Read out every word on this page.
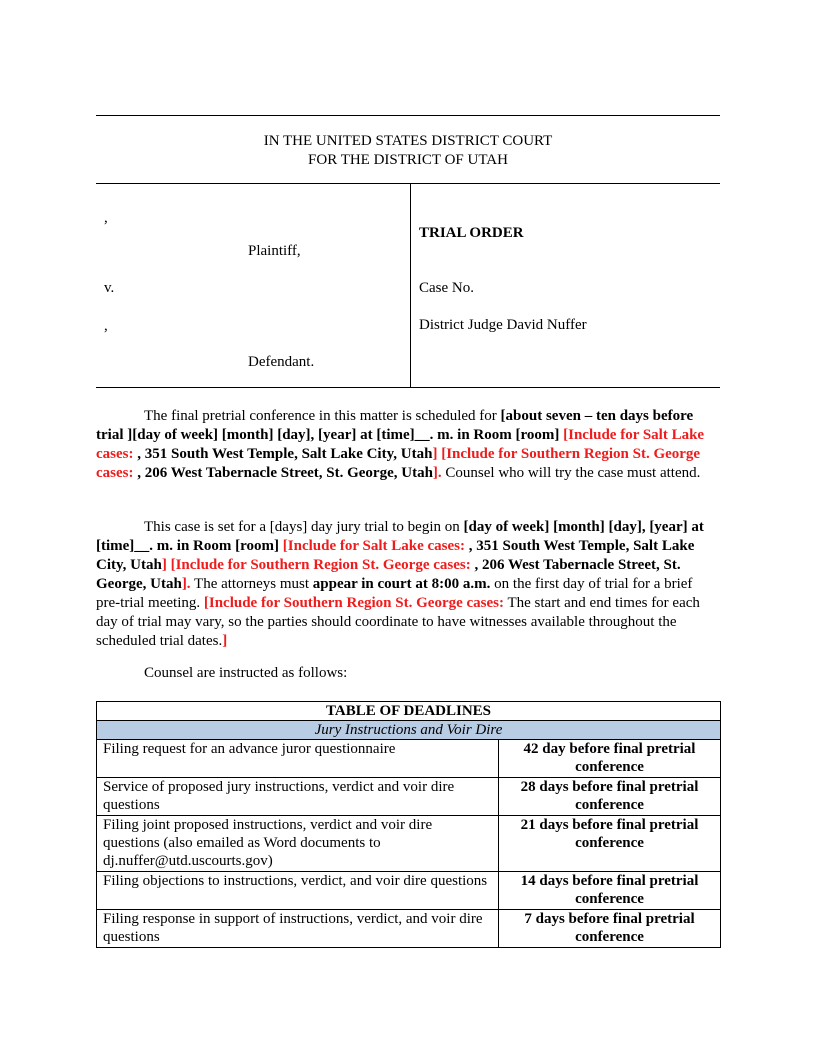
IN THE UNITED STATES DISTRICT COURT
FOR THE DISTRICT OF UTAH
,
Plaintiff,
v.
,
Defendant.
TRIAL ORDER
Case No.
District Judge David Nuffer

The final pretrial conference in this matter is scheduled for [about seven – ten days before trial ][day of week] [month] [day], [year] at [time]__. m. in Room [room] [Include for Salt Lake cases: , 351 South West Temple, Salt Lake City, Utah] [Include for Southern Region St. George cases: , 206 West Tabernacle Street, St. George, Utah]. Counsel who will try the case must attend.

This case is set for a [days] day jury trial to begin on [day of week] [month] [day], [year] at [time]__. m. in Room [room] [Include for Salt Lake cases: , 351 South West Temple, Salt Lake City, Utah] [Include for Southern Region St. George cases: , 206 West Tabernacle Street, St. George, Utah]. The attorneys must appear in court at 8:00 a.m. on the first day of trial for a brief pre-trial meeting. [Include for Southern Region St. George cases: The start and end times for each day of trial may vary, so the parties should coordinate to have witnesses available throughout the scheduled trial dates.]

Counsel are instructed as follows:

TABLE OF DEADLINES	
Jury Instructions and Voir Dire	
Filing request for an advance juror questionnaire	42 day before final pretrial conference
Service of proposed jury instructions, verdict and voir dire questions	28 days before final pretrial conference
Filing joint proposed instructions, verdict and voir dire questions (also emailed as Word documents to dj.nuffer@utd.uscourts.gov)	21 days before final pretrial conference
Filing objections to instructions, verdict, and voir dire questions	14 days before final pretrial conference
Filing response in support of instructions, verdict, and voir dire questions	7 days before final pretrial conference
